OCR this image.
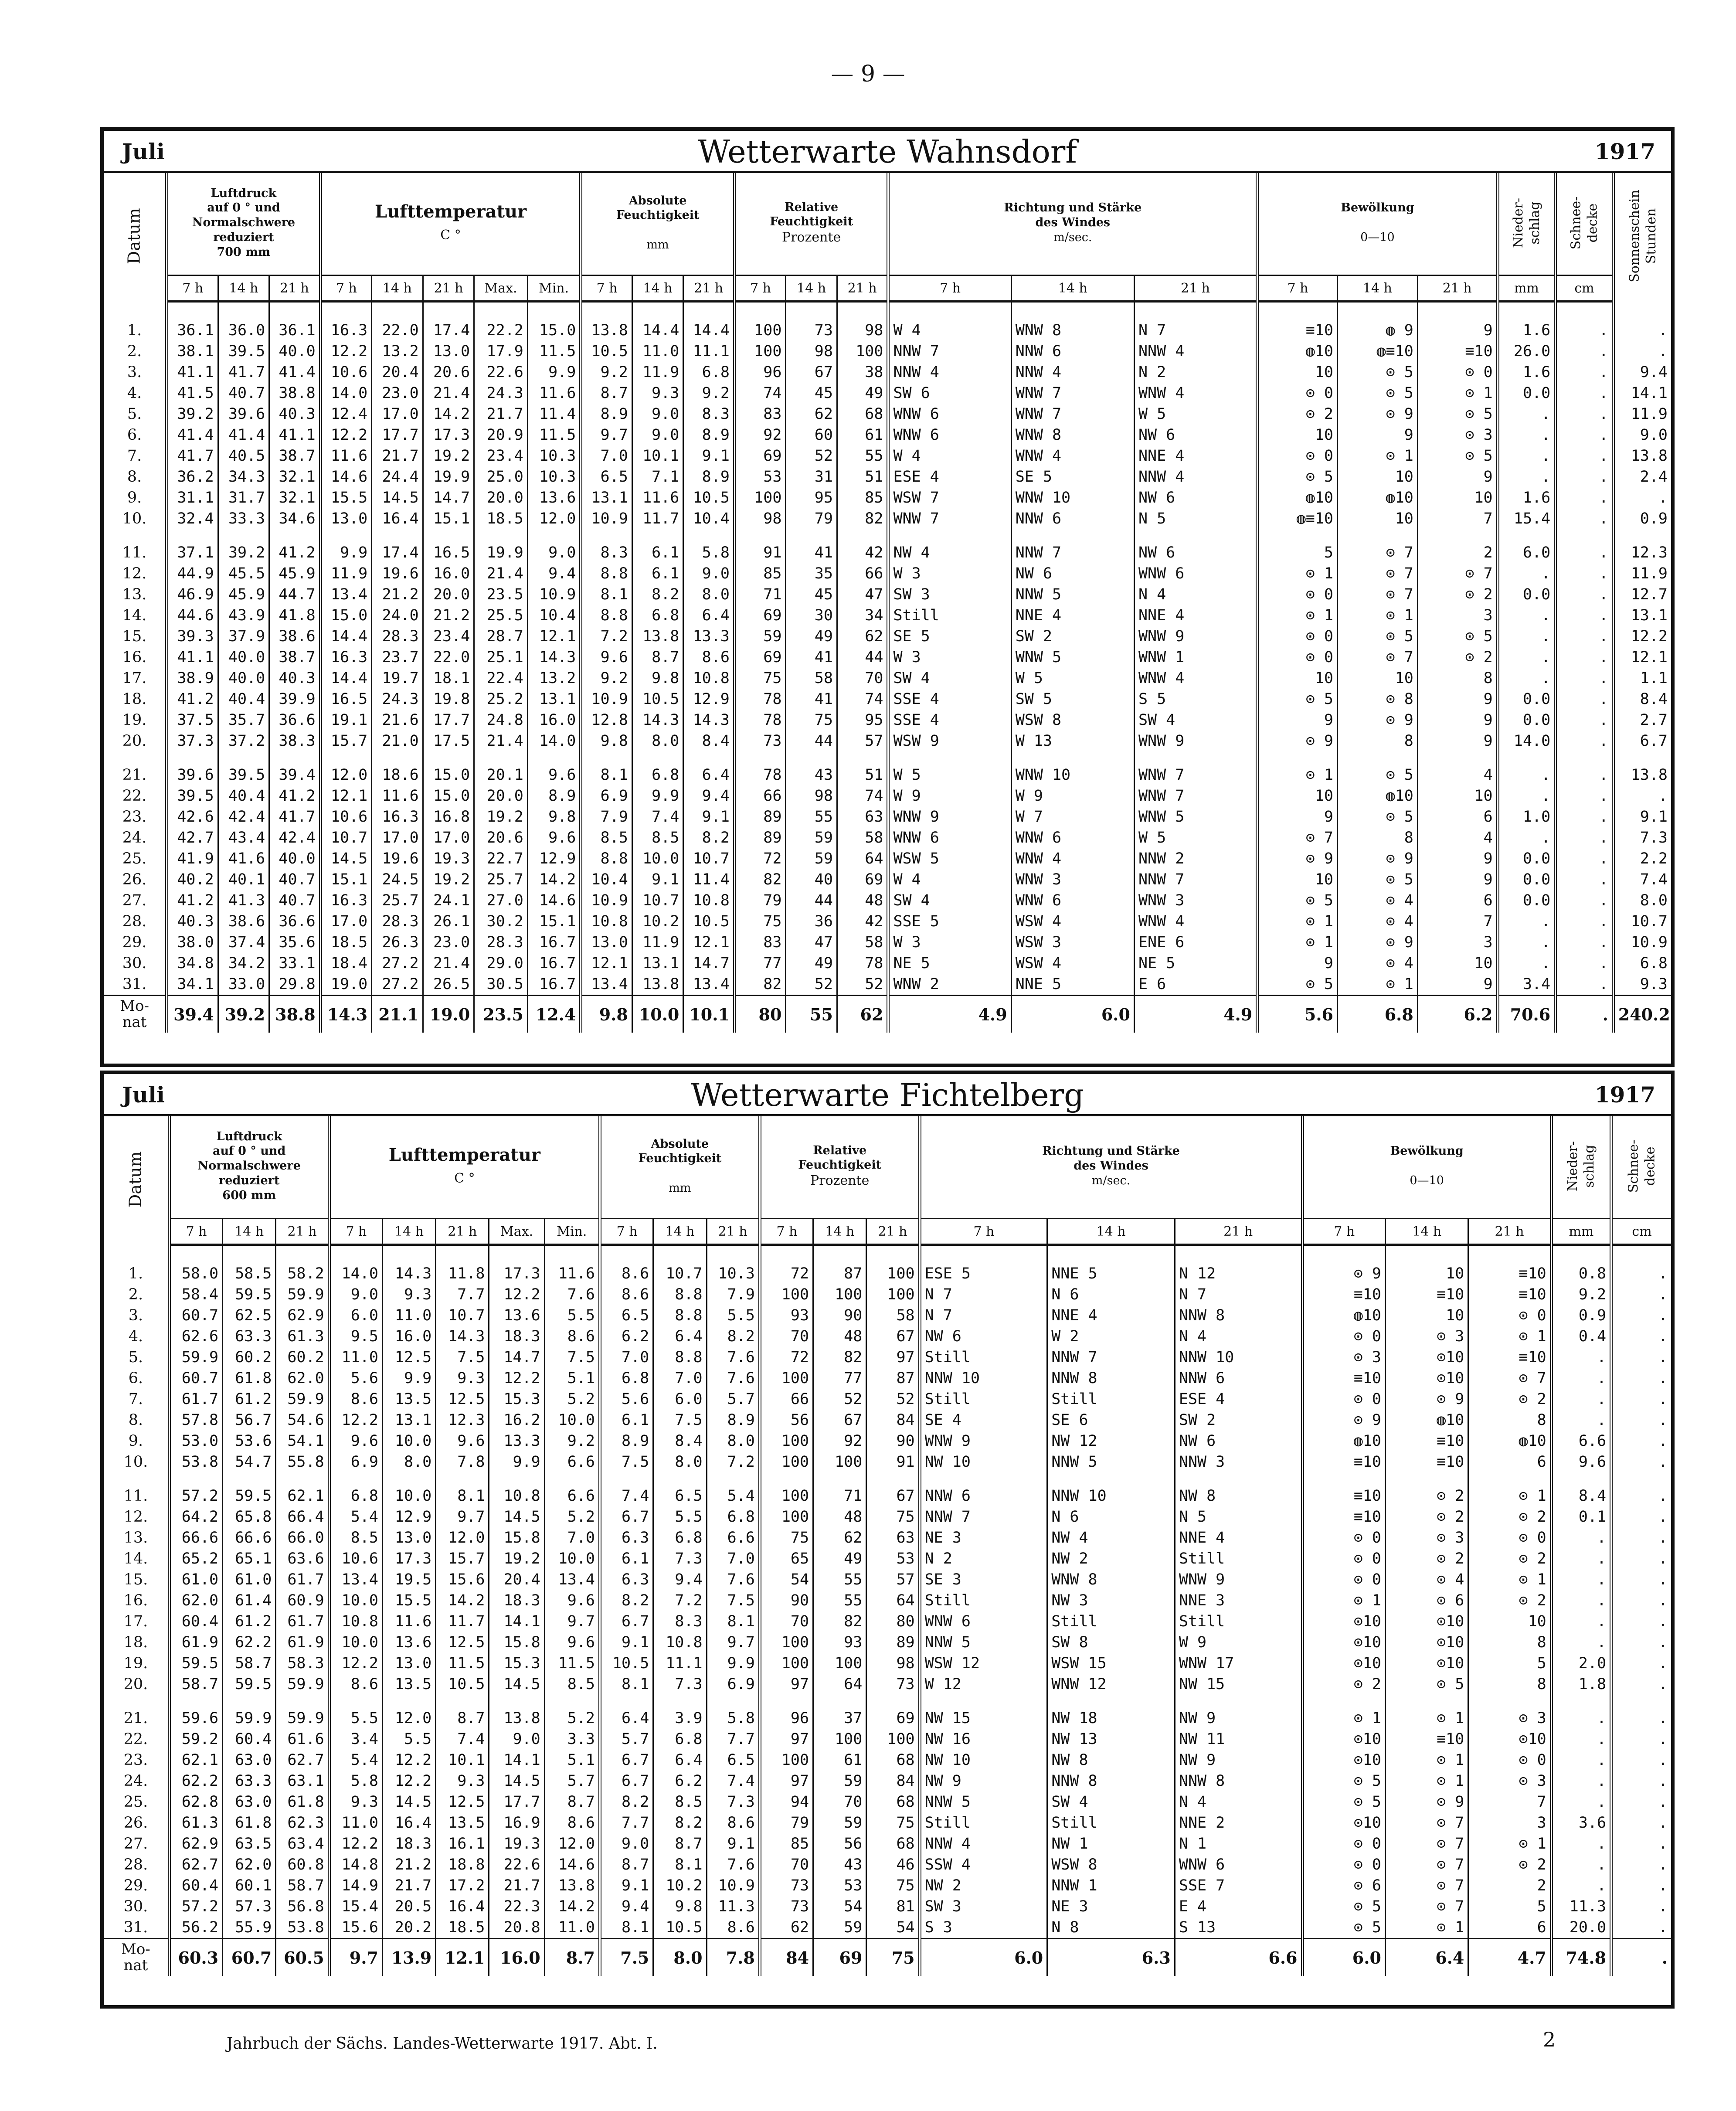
— 9 —
Juli	Wetterwarte Wahnsdorf	1917
Datum	Luftdruck
auf 0 ° und
Normalschwere
reduziert
700 mm			Lufttemperatur
C °					Absolute
Feuchtigkeit

mm			Relative
Feuchtigkeit
Prozente			Richtung und Stärke
des Windes
m/sec.			Bewölkung

0—10			Nieder-
schlag	Schnee-
decke	Sonnenschein
Stunden

	7 h	14 h	21 h	7 h	14 h	21 h	Max.	Min.	7 h	14 h	21 h	7 h	14 h	21 h	7 h	14 h	21 h	7 h	14 h	21 h	mm	cm	

1.	36.1	36.0	36.1	16.3	22.0	17.4	22.2	15.0	13.8	14.4	14.4	100	73	98	W 4	WNW 8	N 7	≡10	◍ 9	9	1.6	.	.
2.	38.1	39.5	40.0	12.2	13.2	13.0	17.9	11.5	10.5	11.0	11.1	100	98	100	NNW 7	NNW 6	NNW 4	◍10	◍≡10	≡10	26.0	.	.
3.	41.1	41.7	41.4	10.6	20.4	20.6	22.6	9.9	9.2	11.9	6.8	96	67	38	NNW 4	NNW 4	N 2	10	⊙ 5	⊙ 0	1.6	.	9.4
4.	41.5	40.7	38.8	14.0	23.0	21.4	24.3	11.6	8.7	9.3	9.2	74	45	49	SW 6	WNW 7	WNW 4	⊙ 0	⊙ 5	⊙ 1	0.0	.	14.1
5.	39.2	39.6	40.3	12.4	17.0	14.2	21.7	11.4	8.9	9.0	8.3	83	62	68	WNW 6	WNW 7	W 5	⊙ 2	⊙ 9	⊙ 5	.	.	11.9
6.	41.4	41.4	41.1	12.2	17.7	17.3	20.9	11.5	9.7	9.0	8.9	92	60	61	WNW 6	WNW 8	NW 6	10	9	⊙ 3	.	.	9.0
7.	41.7	40.5	38.7	11.6	21.7	19.2	23.4	10.3	7.0	10.1	9.1	69	52	55	W 4	WNW 4	NNE 4	⊙ 0	⊙ 1	⊙ 5	.	.	13.8
8.	36.2	34.3	32.1	14.6	24.4	19.9	25.0	10.3	6.5	7.1	8.9	53	31	51	ESE 4	SE 5	NNW 4	⊙ 5	10	9	.	.	2.4
9.	31.1	31.7	32.1	15.5	14.5	14.7	20.0	13.6	13.1	11.6	10.5	100	95	85	WSW 7	WNW 10	NW 6	◍10	◍10	10	1.6	.	.
10.	32.4	33.3	34.6	13.0	16.4	15.1	18.5	12.0	10.9	11.7	10.4	98	79	82	WNW 7	NNW 6	N 5	◍≡10	10	7	15.4	.	0.9

11.	37.1	39.2	41.2	9.9	17.4	16.5	19.9	9.0	8.3	6.1	5.8	91	41	42	NW 4	NNW 7	NW 6	5	⊙ 7	2	6.0	.	12.3
12.	44.9	45.5	45.9	11.9	19.6	16.0	21.4	9.4	8.8	6.1	9.0	85	35	66	W 3	NW 6	WNW 6	⊙ 1	⊙ 7	⊙ 7	.	.	11.9
13.	46.9	45.9	44.7	13.4	21.2	20.0	23.5	10.9	8.1	8.2	8.0	71	45	47	SW 3	NNW 5	N 4	⊙ 0	⊙ 7	⊙ 2	0.0	.	12.7
14.	44.6	43.9	41.8	15.0	24.0	21.2	25.5	10.4	8.8	6.8	6.4	69	30	34	Still	NNE 4	NNE 4	⊙ 1	⊙ 1	3	.	.	13.1
15.	39.3	37.9	38.6	14.4	28.3	23.4	28.7	12.1	7.2	13.8	13.3	59	49	62	SE 5	SW 2	WNW 9	⊙ 0	⊙ 5	⊙ 5	.	.	12.2
16.	41.1	40.0	38.7	16.3	23.7	22.0	25.1	14.3	9.6	8.7	8.6	69	41	44	W 3	WNW 5	WNW 1	⊙ 0	⊙ 7	⊙ 2	.	.	12.1
17.	38.9	40.0	40.3	14.4	19.7	18.1	22.4	13.2	9.2	9.8	10.8	75	58	70	SW 4	W 5	WNW 4	10	10	8	.	.	1.1
18.	41.2	40.4	39.9	16.5	24.3	19.8	25.2	13.1	10.9	10.5	12.9	78	41	74	SSE 4	SW 5	S 5	⊙ 5	⊙ 8	9	0.0	.	8.4
19.	37.5	35.7	36.6	19.1	21.6	17.7	24.8	16.0	12.8	14.3	14.3	78	75	95	SSE 4	WSW 8	SW 4	9	⊙ 9	9	0.0	.	2.7
20.	37.3	37.2	38.3	15.7	21.0	17.5	21.4	14.0	9.8	8.0	8.4	73	44	57	WSW 9	W 13	WNW 9	⊙ 9	8	9	14.0	.	6.7

21.	39.6	39.5	39.4	12.0	18.6	15.0	20.1	9.6	8.1	6.8	6.4	78	43	51	W 5	WNW 10	WNW 7	⊙ 1	⊙ 5	4	.	.	13.8
22.	39.5	40.4	41.2	12.1	11.6	15.0	20.0	8.9	6.9	9.9	9.4	66	98	74	W 9	W 9	WNW 7	10	◍10	10	.	.	.
23.	42.6	42.4	41.7	10.6	16.3	16.8	19.2	9.8	7.9	7.4	9.1	89	55	63	WNW 9	W 7	WNW 5	9	⊙ 5	6	1.0	.	9.1
24.	42.7	43.4	42.4	10.7	17.0	17.0	20.6	9.6	8.5	8.5	8.2	89	59	58	WNW 6	WNW 6	W 5	⊙ 7	8	4	.	.	7.3
25.	41.9	41.6	40.0	14.5	19.6	19.3	22.7	12.9	8.8	10.0	10.7	72	59	64	WSW 5	WNW 4	NNW 2	⊙ 9	⊙ 9	9	0.0	.	2.2
26.	40.2	40.1	40.7	15.1	24.5	19.2	25.7	14.2	10.4	9.1	11.4	82	40	69	W 4	WNW 3	NNW 7	10	⊙ 5	9	0.0	.	7.4
27.	41.2	41.3	40.7	16.3	25.7	24.1	27.0	14.6	10.9	10.7	10.8	79	44	48	SW 4	WNW 6	WNW 3	⊙ 5	⊙ 4	6	0.0	.	8.0
28.	40.3	38.6	36.6	17.0	28.3	26.1	30.2	15.1	10.8	10.2	10.5	75	36	42	SSE 5	WSW 4	WNW 4	⊙ 1	⊙ 4	7	.	.	10.7
29.	38.0	37.4	35.6	18.5	26.3	23.0	28.3	16.7	13.0	11.9	12.1	83	47	58	W 3	WSW 3	ENE 6	⊙ 1	⊙ 9	3	.	.	10.9
30.	34.8	34.2	33.1	18.4	27.2	21.4	29.0	16.7	12.1	13.1	14.7	77	49	78	NE 5	WSW 4	NE 5	9	⊙ 4	10	.	.	6.8
31.	34.1	33.0	29.8	19.0	27.2	26.5	30.5	16.7	13.4	13.8	13.4	82	52	52	WNW 2	NNE 5	E 6	⊙ 5	⊙ 1	9	3.4	.	9.3
Mo-
nat	39.4	39.2	38.8	14.3	21.1	19.0	23.5	12.4	9.8	10.0	10.1	80	55	62	4.9	6.0	4.9	5.6	6.8	6.2	70.6	.	240.2
Juli	Wetterwarte Fichtelberg	1917
Datum	Luftdruck
auf 0 ° und
Normalschwere
reduziert
600 mm			Lufttemperatur
C °					Absolute
Feuchtigkeit

mm			Relative
Feuchtigkeit
Prozente			Richtung und Stärke
des Windes
m/sec.			Bewölkung

0—10			Nieder-
schlag	Schnee-
decke

	7 h	14 h	21 h	7 h	14 h	21 h	Max.	Min.	7 h	14 h	21 h	7 h	14 h	21 h	7 h	14 h	21 h	7 h	14 h	21 h	mm	cm

1.	58.0	58.5	58.2	14.0	14.3	11.8	17.3	11.6	8.6	10.7	10.3	72	87	100	ESE 5	NNE 5	N 12	⊙ 9	10	≡10	0.8	.
2.	58.4	59.5	59.9	9.0	9.3	7.7	12.2	7.6	8.6	8.8	7.9	100	100	100	N 7	N 6	N 7	≡10	≡10	≡10	9.2	.
3.	60.7	62.5	62.9	6.0	11.0	10.7	13.6	5.5	6.5	8.8	5.5	93	90	58	N 7	NNE 4	NNW 8	◍10	10	⊙ 0	0.9	.
4.	62.6	63.3	61.3	9.5	16.0	14.3	18.3	8.6	6.2	6.4	8.2	70	48	67	NW 6	W 2	N 4	⊙ 0	⊙ 3	⊙ 1	0.4	.
5.	59.9	60.2	60.2	11.0	12.5	7.5	14.7	7.5	7.0	8.8	7.6	72	82	97	Still	NNW 7	NNW 10	⊙ 3	⊙10	≡10	.	.
6.	60.7	61.8	62.0	5.6	9.9	9.3	12.2	5.1	6.8	7.0	7.6	100	77	87	NNW 10	NNW 8	NNW 6	≡10	⊙10	⊙ 7	.	.
7.	61.7	61.2	59.9	8.6	13.5	12.5	15.3	5.2	5.6	6.0	5.7	66	52	52	Still	Still	ESE 4	⊙ 0	⊙ 9	⊙ 2	.	.
8.	57.8	56.7	54.6	12.2	13.1	12.3	16.2	10.0	6.1	7.5	8.9	56	67	84	SE 4	SE 6	SW 2	⊙ 9	◍10	8	.	.
9.	53.0	53.6	54.1	9.6	10.0	9.6	13.3	9.2	8.9	8.4	8.0	100	92	90	WNW 9	NW 12	NW 6	◍10	≡10	◍10	6.6	.
10.	53.8	54.7	55.8	6.9	8.0	7.8	9.9	6.6	7.5	8.0	7.2	100	100	91	NW 10	NNW 5	NNW 3	≡10	≡10	6	9.6	.

11.	57.2	59.5	62.1	6.8	10.0	8.1	10.8	6.6	7.4	6.5	5.4	100	71	67	NNW 6	NNW 10	NW 8	≡10	⊙ 2	⊙ 1	8.4	.
12.	64.2	65.8	66.4	5.4	12.9	9.7	14.5	5.2	6.7	5.5	6.8	100	48	75	NNW 7	N 6	N 5	≡10	⊙ 2	⊙ 2	0.1	.
13.	66.6	66.6	66.0	8.5	13.0	12.0	15.8	7.0	6.3	6.8	6.6	75	62	63	NE 3	NW 4	NNE 4	⊙ 0	⊙ 3	⊙ 0	.	.
14.	65.2	65.1	63.6	10.6	17.3	15.7	19.2	10.0	6.1	7.3	7.0	65	49	53	N 2	NW 2	Still	⊙ 0	⊙ 2	⊙ 2	.	.
15.	61.0	61.0	61.7	13.4	19.5	15.6	20.4	13.4	6.3	9.4	7.6	54	55	57	SE 3	WNW 8	WNW 9	⊙ 0	⊙ 4	⊙ 1	.	.
16.	62.0	61.4	60.9	10.0	15.5	14.2	18.3	9.6	8.2	7.2	7.5	90	55	64	Still	NW 3	NNE 3	⊙ 1	⊙ 6	⊙ 2	.	.
17.	60.4	61.2	61.7	10.8	11.6	11.7	14.1	9.7	6.7	8.3	8.1	70	82	80	WNW 6	Still	Still	⊙10	⊙10	10	.	.
18.	61.9	62.2	61.9	10.0	13.6	12.5	15.8	9.6	9.1	10.8	9.7	100	93	89	NNW 5	SW 8	W 9	⊙10	⊙10	8	.	.
19.	59.5	58.7	58.3	12.2	13.0	11.5	15.3	11.5	10.5	11.1	9.9	100	100	98	WSW 12	WSW 15	WNW 17	⊙10	⊙10	5	2.0	.
20.	58.7	59.5	59.9	8.6	13.5	10.5	14.5	8.5	8.1	7.3	6.9	97	64	73	W 12	WNW 12	NW 15	⊙ 2	⊙ 5	8	1.8	.

21.	59.6	59.9	59.9	5.5	12.0	8.7	13.8	5.2	6.4	3.9	5.8	96	37	69	NW 15	NW 18	NW 9	⊙ 1	⊙ 1	⊙ 3	.	.
22.	59.2	60.4	61.6	3.4	5.5	7.4	9.0	3.3	5.7	6.8	7.7	97	100	100	NW 16	NW 13	NW 11	⊙10	≡10	⊙10	.	.
23.	62.1	63.0	62.7	5.4	12.2	10.1	14.1	5.1	6.7	6.4	6.5	100	61	68	NW 10	NW 8	NW 9	⊙10	⊙ 1	⊙ 0	.	.
24.	62.2	63.3	63.1	5.8	12.2	9.3	14.5	5.7	6.7	6.2	7.4	97	59	84	NW 9	NNW 8	NNW 8	⊙ 5	⊙ 1	⊙ 3	.	.
25.	62.8	63.0	61.8	9.3	14.5	12.5	17.7	8.7	8.2	8.5	7.3	94	70	68	NNW 5	SW 4	N 4	⊙ 5	⊙ 9	7	.	.
26.	61.3	61.8	62.3	11.0	16.4	13.5	16.9	8.6	7.7	8.2	8.6	79	59	75	Still	Still	NNE 2	⊙10	⊙ 7	3	3.6	.
27.	62.9	63.5	63.4	12.2	18.3	16.1	19.3	12.0	9.0	8.7	9.1	85	56	68	NNW 4	NW 1	N 1	⊙ 0	⊙ 7	⊙ 1	.	.
28.	62.7	62.0	60.8	14.8	21.2	18.8	22.6	14.6	8.7	8.1	7.6	70	43	46	SSW 4	WSW 8	WNW 6	⊙ 0	⊙ 7	⊙ 2	.	.
29.	60.4	60.1	58.7	14.9	21.7	17.2	21.7	13.8	9.1	10.2	10.9	73	53	75	NW 2	NNW 1	SSE 7	⊙ 6	⊙ 7	2	.	.
30.	57.2	57.3	56.8	15.4	20.5	16.4	22.3	14.2	9.4	9.8	11.3	73	54	81	SW 3	NE 3	E 4	⊙ 5	⊙ 7	5	11.3	.
31.	56.2	55.9	53.8	15.6	20.2	18.5	20.8	11.0	8.1	10.5	8.6	62	59	54	S 3	N 8	S 13	⊙ 5	⊙ 1	6	20.0	.
Mo-
nat	60.3	60.7	60.5	9.7	13.9	12.1	16.0	8.7	7.5	8.0	7.8	84	69	75	6.0	6.3	6.6	6.0	6.4	4.7	74.8	.
Jahrbuch der Sächs. Landes-Wetterwarte 1917. Abt. I.	2
